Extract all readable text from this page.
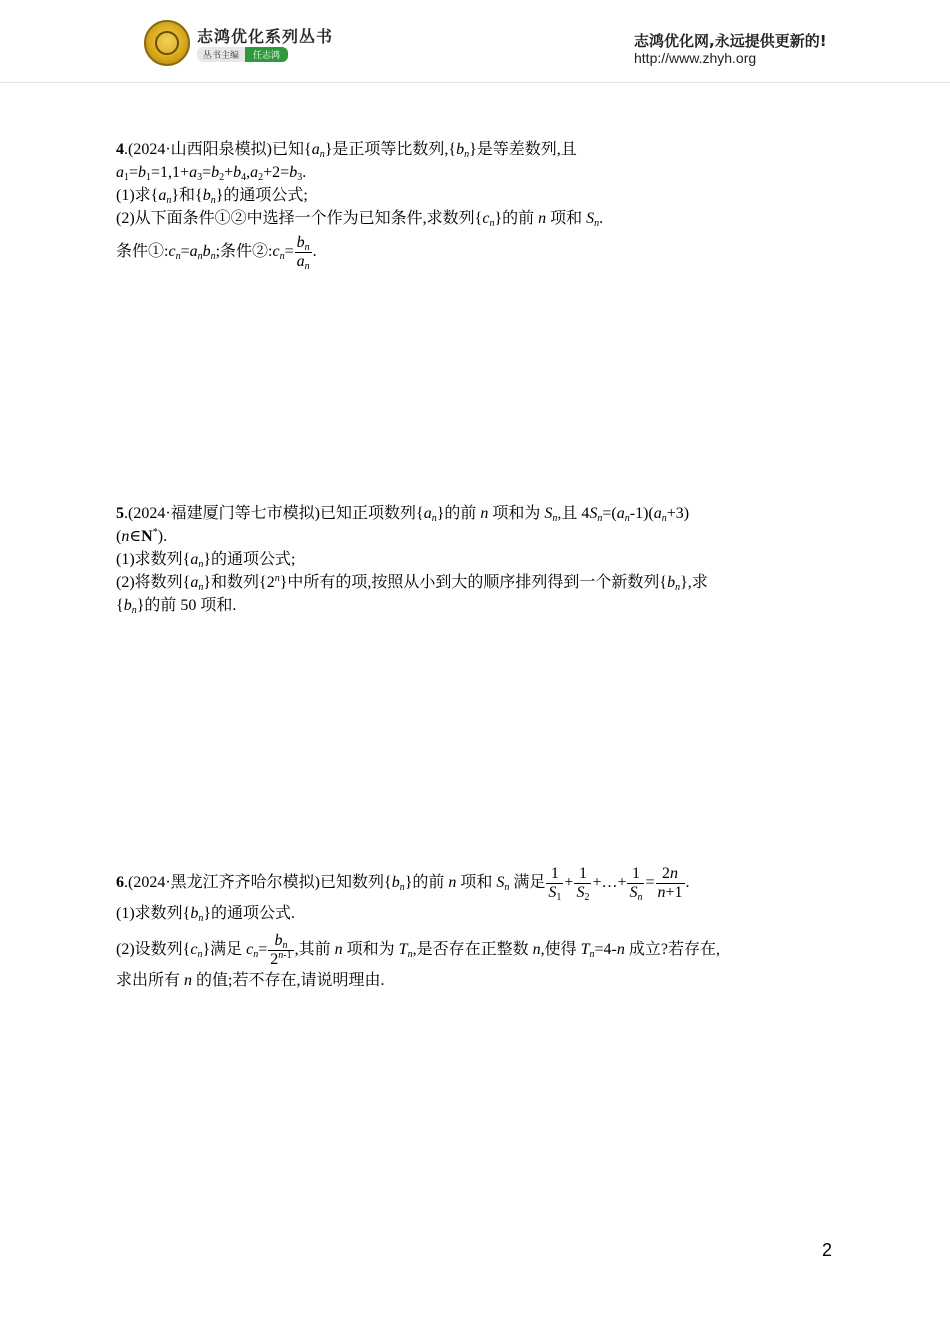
志鸿优化系列丛书
丛书主编	任志鸿
志鸿优化网,永远提供更新的!
http://www.zhyh.org
4.(2024·山西阳泉模拟)已知$\{a_n\}$是正项等比数列$,\{b_n\}$是等差数列,且
$a_1=b_1=1,1+a_3=b_2+b_4,a_2+2=b_3$.
(1)求$\{a_n\}$和$\{b_n\}$的通项公式;
(2)从下面条件①②中选择一个作为已知条件,求数列$\{c_n\}$的前 n 项和 $S_n$.
条件$①:c_n=a_nb_n$;条件$②:c_n= \frac{b_n}{a_n}$ .
5.(2024·福建厦门等七市模拟)已知正项数列$\{a_n\}$的前 n 项和为 $S_n$,且 $4S_n=(a_n-1)(a_n+3)$
(n∈N*).
(1)求数列$\{a_n\}$的通项公式;
(2)将数列$\{a_n\}$和数列{2$^n$}中所有的项,按照从小到大的顺序排列得到一个新数列$\{b_n\}$,求
$\{b_n\}$的前 50 项和.
6.(2024·黑龙江齐齐哈尔模拟)已知数列$\{b_n\}$的前 n 项和 $S_n$ 满足 $\frac{1}{S_1} + \frac{1}{S_2}$ +…+ $\frac{1}{S_n} = \frac{2n}{n+1}$ .
(1)求数列$\{b_n\}$的通项公式.
(2)设数列$\{c_n\}$满足 $c_n= \frac{b_n}{2^{n-1}}$ ,其前 n 项和为 $T_n$,是否存在正整数 n,使得 $T_n=4-n$ 成立?若存在,
求出所有 n 的值;若不存在,请说明理由.
2
